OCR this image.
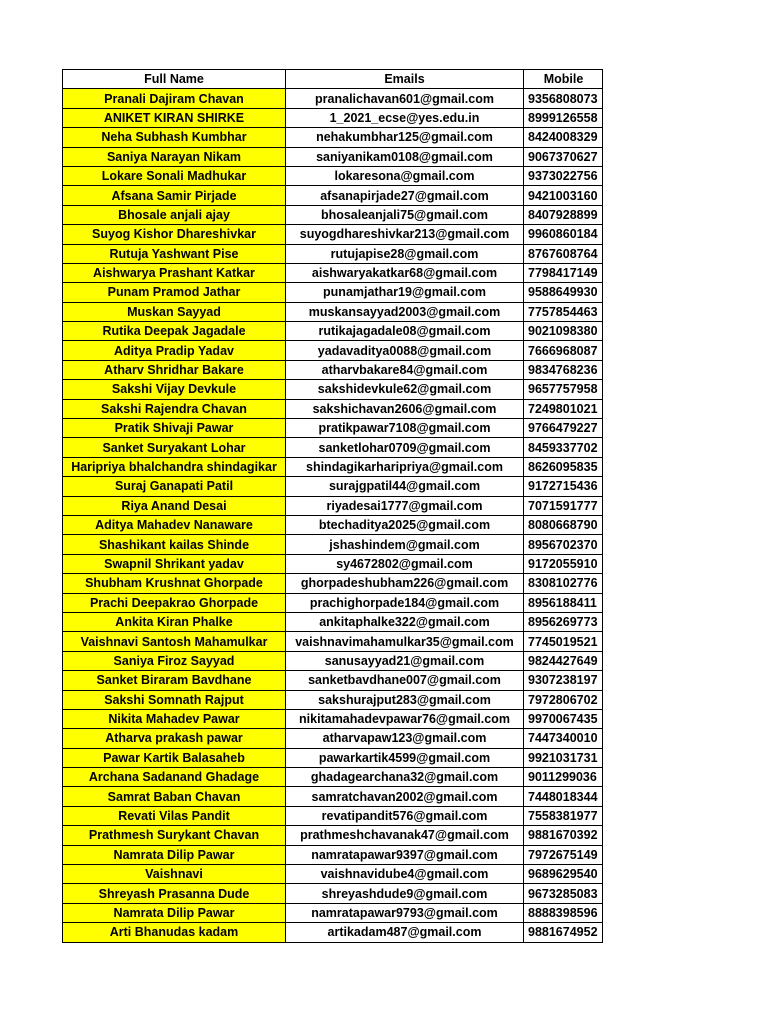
Full Name	Emails	Mobile
Pranali Dajiram Chavan	pranalichavan601@gmail.com	9356808073
ANIKET KIRAN SHIRKE	1_2021_ecse@yes.edu.in	8999126558
Neha Subhash Kumbhar	nehakumbhar125@gmail.com	8424008329
Saniya Narayan Nikam	saniyanikam0108@gmail.com	9067370627
Lokare Sonali Madhukar	lokaresona@gmail.com	9373022756
Afsana Samir Pirjade	afsanapirjade27@gmail.com	9421003160
Bhosale anjali ajay	bhosaleanjali75@gmail.com	8407928899
Suyog Kishor Dhareshivkar	suyogdhareshivkar213@gmail.com	9960860184
Rutuja Yashwant Pise	rutujapise28@gmail.com	8767608764
Aishwarya Prashant Katkar	aishwaryakatkar68@gmail.com	7798417149
Punam Pramod Jathar	punamjathar19@gmail.com	9588649930
Muskan Sayyad	muskansayyad2003@gmail.com	7757854463
Rutika Deepak Jagadale	rutikajagadale08@gmail.com	9021098380
Aditya Pradip Yadav	yadavaditya0088@gmail.com	7666968087
Atharv Shridhar Bakare	atharvbakare84@gmail.com	9834768236
Sakshi Vijay Devkule	sakshidevkule62@gmail.com	9657757958
Sakshi Rajendra Chavan	sakshichavan2606@gmail.com	7249801021
Pratik Shivaji Pawar	pratikpawar7108@gmail.com	9766479227
Sanket Suryakant Lohar	sanketlohar0709@gmail.com	8459337702
Haripriya bhalchandra shindagikar	shindagikarharipriya@gmail.com	8626095835
Suraj Ganapati Patil	surajgpatil44@gmail.com	9172715436
Riya Anand Desai	riyadesai1777@gmail.com	7071591777
Aditya Mahadev Nanaware	btechaditya2025@gmail.com	8080668790
Shashikant kailas Shinde	jshashindem@gmail.com	8956702370
Swapnil Shrikant yadav	sy4672802@gmail.com	9172055910
Shubham Krushnat Ghorpade	ghorpadeshubham226@gmail.com	8308102776
Prachi Deepakrao Ghorpade	prachighorpade184@gmail.com	8956188411
Ankita Kiran Phalke	ankitaphalke322@gmail.com	8956269773
Vaishnavi Santosh Mahamulkar	vaishnavimahamulkar35@gmail.com	7745019521
Saniya Firoz Sayyad	sanusayyad21@gmail.com	9824427649
Sanket Biraram Bavdhane	sanketbavdhane007@gmail.com	9307238197
Sakshi Somnath Rajput	sakshurajput283@gmail.com	7972806702
Nikita Mahadev Pawar	nikitamahadevpawar76@gmail.com	9970067435
Atharva prakash pawar	atharvapaw123@gmail.com	7447340010
Pawar Kartik Balasaheb	pawarkartik4599@gmail.com	9921031731
Archana Sadanand Ghadage	ghadagearchana32@gmail.com	9011299036
Samrat Baban Chavan	samratchavan2002@gmail.com	7448018344
Revati Vilas Pandit	revatipandit576@gmail.com	7558381977
Prathmesh Surykant Chavan	prathmeshchavanak47@gmail.com	9881670392
Namrata Dilip Pawar	namratapawar9397@gmail.com	7972675149
Vaishnavi	vaishnavidube4@gmail.com	9689629540
Shreyash Prasanna Dude	shreyashdude9@gmail.com	9673285083
Namrata Dilip Pawar	namratapawar9793@gmail.com	8888398596
Arti Bhanudas kadam	artikadam487@gmail.com	9881674952
